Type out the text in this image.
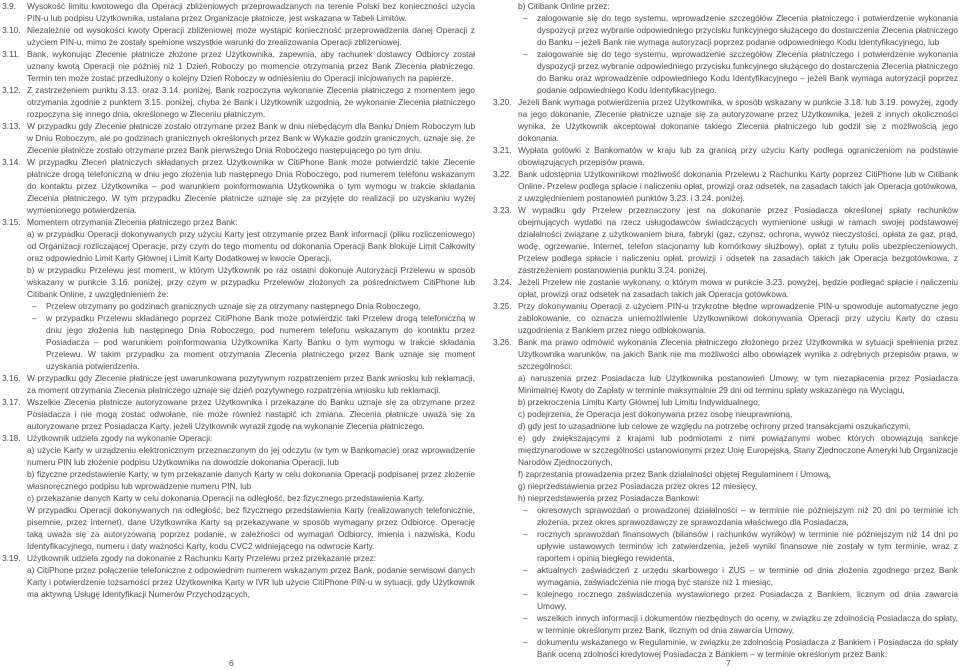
3.9. Wysokość limitu kwotowego dla Operacji zbliżeniowych przeprowadzanych na terenie Polski bez konieczności użycia PIN-u lub podpisu Użytkownika, ustalana przez Organizacje płatnicze, jest wskazana w Tabeli Limitów.
3.10. Niezależnie od wysokości kwoty Operacji zbliżeniowej może wystąpić konieczność przeprowadzenia danej Operacji z użyciem PIN-u, mimo że zostały spełnione wszystkie warunki do zrealizowania Operacji zbliżeniowej.
3.11. Bank, wykonując Zlecenie płatnicze złożone przez Użytkownika, zapewnia, aby rachunek dostawcy Odbiorcy został uznany kwotą Operacji nie później niż 1 Dzień Roboczy po momencie otrzymania przez Bank Zlecenia płatniczego. Termin ten może zostać przedłużony o kolejny Dzień Roboczy w odniesieniu do Operacji inicjowanych na papierze.
3.12. Z zastrzeżeniem punktu 3.13. oraz 3.14. poniżej, Bank rozpoczyna wykonanie Zlecenia płatniczego z momentem jego otrzymania zgodnie z punktem 3.15. poniżej, chyba że Bank i Użytkownik uzgodnią, że wykonanie Zlecenia płatniczego rozpoczyna się innego dnia, określonego w Zleceniu płatniczym.
3.13. W przypadku gdy Zlecenie płatnicze zostało otrzymane przez Bank w dniu niebędącym dla Banku Dniem Roboczym lub w Dniu Roboczym, ale po godzinach granicznych określonych przez Bank w Wykazie godzin granicznych, uznaje się, że Zlecenie płatnicze zostało otrzymane przez Bank pierwszego Dnia Roboczego następującego po tym dniu.
3.14. W przypadku Zleceń płatniczych składanych przez Użytkownika w CitiPhone Bank może potwierdzić takie Zlecenie płatnicze drogą telefoniczną w dniu jego złożenia lub następnego Dnia Roboczego, pod numerem telefonu wskazanym do kontaktu przez Użytkownika – pod warunkiem poinformowania Użytkownika o tym wymogu w trakcie składania Zlecenia płatniczego. W tym przypadku Zlecenie płatnicze uznaje się za przyjęte do realizacji po uzyskaniu wyżej wymienionego potwierdzenia.
3.15. Momentem otrzymania Zlecenia płatniczego przez Bank:
a) w przypadku Operacji dokonywanych przy użyciu Karty jest otrzymanie przez Bank informacji (pliku rozliczeniowego) od Organizacji rozliczającej Operacje, przy czym do tego momentu od dokonania Operacji Bank blokuje Limit Całkowity oraz odpowiednio Limit Karty Głównej i Limit Karty Dodatkowej w kwocie Operacji,
b) w przypadku Przelewu jest moment, w którym Użytkownik po raz ostatni dokonuje Autoryzacji Przelewu w sposób wskazany w punkcie 3.16. poniżej, przy czym w przypadku Przelewów złożonych za pośrednictwem CitiPhone lub Citibank Online, z uwzględnieniem że:
– Przelew otrzymany po godzinach granicznych uznaje się za otrzymany następnego Dnia Roboczego,
– w przypadku Przelewu składanego poprzez CitiPhone Bank może potwierdzić taki Przelew drogą telefoniczną w dniu jego złożenia lub następnego Dnia Roboczego, pod numerem telefonu wskazanym do kontaktu przez Posiadacza – pod warunkiem poinformowania Użytkownika Karty Banku o tym wymogu w trakcie składania Przelewu. W takim przypadku za moment otrzymania Zlecenia płatniczego przez Bank uznaje się moment uzyskania potwierdzenia.
3.16. W przypadku gdy Zlecenie płatnicze jest uwarunkowana pozytywnym rozpatrzeniem przez Bank wniosku lub reklamacji, za moment otrzymania Zlecenia płatniczego uznaje się dzień pozytywnego rozpatrzenia wniosku lub reklamacji.
3.17. Wszelkie Zlecenia płatnicze autoryzowane przez Użytkownika i przekazane do Banku uznaje się za otrzymane przez Posiadacza i nie mogą zostać odwołane, nie może również nastąpić ich zmiana. Zlecenia płatnicze uważa się za autoryzowane przez Posiadacza Karty, jeżeli Użytkownik wyraził zgodę na wykonanie Zlecenia płatniczego.
3.18. Użytkownik udziela zgody na wykonanie Operacji:
a) użycie Karty w urządzeniu elektronicznym przeznaczonym do jej odczytu (w tym w Bankomacie) oraz wprowadzenie numeru PIN lub złożenie podpisu Użytkownika na dowodzie dokonania Operacji, lub
b) fizyczne przedstawienie Karty, w tym przekazanie danych Karty w celu dokonania Operacji podpisanej przez złożenie własnoręcznego podpisu lub wprowadzenie numeru PIN, lub
c) przekazanie danych Karty w celu dokonania Operacji na odległość, bez fizycznego przedstawienia Karty.
W przypadku Operacji dokonywanych na odległość, bez fizycznego przedstawienia Karty (realizowanych telefonicznie, pisemnie, przez Internet), dane Użytkownika Karty są przekazywane w sposób wymagany przez Odbiorcę. Operację taką uważa się za autoryzowaną poprzez podanie, w zależności od wymagań Odbiorcy, imienia i nazwiska, Kodu Identyfikacyjnego, numeru i daty ważności Karty, kodu CVC2 widniejącego na odwrocie Karty.
3.19. Użytkownik udziela zgody na dokonanie z Rachunku Karty Przelewu przez przekazanie przez:
a) CitiPhone przez połączenie telefoniczne z odpowiednim numerem wskazanym przez Bank, podanie serwisowi danych Karty i potwierdzenie tożsamości przez Użytkownika Karty w IVR lub użycie CitiPhone PIN-u w sytuacji, gdy Użytkownik ma aktywną Usługę Identyfikacji Numerów Przychodzących,
b) Citibank Online przez:
– zalogowanie się do tego systemu, wprowadzenie szczegółów Zlecenia płatniczego i potwierdzenie wykonania dyspozycji przez wybranie odpowiedniego przycisku funkcyjnego służącego do dostarczenia Zlecenia płatniczego do Banku – jeżeli Bank nie wymaga autoryzacji poprzez podanie odpowiedniego Kodu Identyfikacyjnego, lub
– zalogowanie się do tego systemu, wprowadzenie szczegółów Zlecenia płatniczego i potwierdzenie wykonania dyspozycji przez wybranie odpowiedniego przycisku funkcyjnego służącego do dostarczenia Zlecenia płatniczego do Banku oraz wprowadzenie odpowiedniego Kodu Identyfikacyjnego – jeżeli Bank wymaga autoryzacji poprzez podanie odpowiedniego Kodu Identyfikacyjnego.
3.20. Jeżeli Bank wymaga potwierdzenia przez Użytkownika, w sposób wskazany w punkcie 3.18. lub 3.19. powyżej, zgody na jego dokonanie, Zlecenie płatnicze uznaje się za autoryzowane przez Użytkownika, jeżeli z innych okoliczności wynika, że Użytkownik akceptował dokonanie takiego Zlecenia płatniczego lub godził się z możliwością jego dokonania.
3.21. Wypłata gotówki z Bankomatów w kraju lub za granicą przy użyciu Karty podlega ograniczeniom na podstawie obowiązujących przepisów prawa.
3.22. Bank udostępnia Użytkownikowi możliwość dokonania Przelewu z Rachunku Karty poprzez CitiPhone lub w Citibank Online. Przelew podlega spłacie i naliczeniu opłat, prowizji oraz odsetek, na zasadach takich jak Operacja gotówkowa, z uwzględnieniem postanowień punktów 3.23. i 3.24. poniżej.
3.23. W wypadku gdy Przelew przeznaczony jest na dokonanie przez Posiadacza określonej spłaty rachunków obejmujących wydatki na rzecz usługodawców świadczących wymienione usługi w ramach swojej podstawowej działalności związane z użytkowaniem biura, fabryki (gaz, czynsz, ochrona, wywóz nieczystości, opłata za gaz, prąd, wodę, ogrzewanie, Internet, telefon stacjonarny lub komórkowy służbowy), opłat z tytułu polis ubezpieczeniowych, Przelew podlega spłacie i naliczeniu opłat, prowizji i odsetek na zasadach takich jak Operacja bezgotówkowa, z zastrzeżeniem postanowienia punktu 3.24. poniżej.
3.24. Jeżeli Przelew nie zostanie wykonany, o którym mowa w punkcie 3.23. powyżej, będzie podlegać spłacie i naliczeniu opłat, prowizji oraz odsetek na zasadach takich jak Operacja gotówkowa.
3.25. Przy dokonywaniu Operacji z użyciem PIN-u trzykrotne błędne wprowadzenie PIN-u spowoduje automatyczne jego zablokowanie, co oznacza uniemożliwienie Użytkownikowi dokonywania Operacji przy użyciu Karty do czasu uzgodnienia z Bankiem przez niego odblokowania.
3.26. Bank ma prawo odmówić wykonania Zlecenia płatniczego złożonego przez Użytkownika w sytuacji spełnienia przez Użytkownika warunków, na jakich Bank nie ma możliwości albo obowiązek wynika z odrębnych przepisów prawa, w szczególności:
a) naruszenia przez Posiadacza lub Użytkownika postanowień Umowy, w tym niezapłacenia przez Posiadacza Minimalnej Kwoty do Zapłaty w terminie maksymalnie 29 dni od terminu spłaty wskazanego na Wyciągu,
b) przekroczenia Limitu Karty Głównej lub Limitu Indywidualnego,
c) podejrzenia, że Operacja jest dokonywana przez osobę nieuprawnioną,
d) gdy jest to uzasadnione lub celowe ze względu na potrzebę ochrony przed transakcjami oszukańczymi,
e) gdy zwiększającymi z krajami lub podmiotami z nimi powiązanymi wobec których obowiązują sankcje międzynarodowe w szczególności ustanowionymi przez Unię Europejską, Stany Zjednoczone Ameryki lub Organizacje Narodów Zjednoczonych,
f) zaprzestania prowadzenia przez Bank działalności objętej Regulaminem i Umową,
g) nieprzedstawienia przez Posiadacza przez okres 12 miesięcy,
h) nieprzedstawienia przez Posiadacza Bankowi:
– okresowych sprawozdań o prowadzonej działalności – w terminie nie późniejszym niż 20 dni po terminie ich złożenia, przez okres sprawozdawczy ze sprawozdania właściwego dla Posiadacza,
– rocznych sprawozdań finansowych (bilansów i rachunków wyników) w terminie nie późniejszym niż 14 dni po upływie ustawowych terminów ich zatwierdzenia, jeżeli wyniki finansowe nie zostały w tym terminie, wraz z raportem i opinią biegłego rewidenta,
– aktualnych zaświadczeń z urzędu skarbowego i ZUS – w terminie od dnia złożenia zgodnego przez Bank wymagania, zaświadczenia nie mogą być starsze niż 1 miesiąc,
– kolejnego rocznego zaświadczenia wystawionego przez Posiadacza z Bankiem, licznym od dnia zawarcia Umowy,
– wszelkich innych informacji i dokumentów niezbędnych do oceny, w związku ze zdolnością Posiadacza do spłaty, w terminie określonym przez Bank, licznym od dnia zawarcia Umowy,
– dokumentu wskazanego w Regulaminie, w związku ze zdolnością Posiadacza z Bankiem i Posiadacza do spłaty Bank oceną zdolności kredytowej Posiadacza z Bankiem – w terminie określonym przez Bank.
6	7
